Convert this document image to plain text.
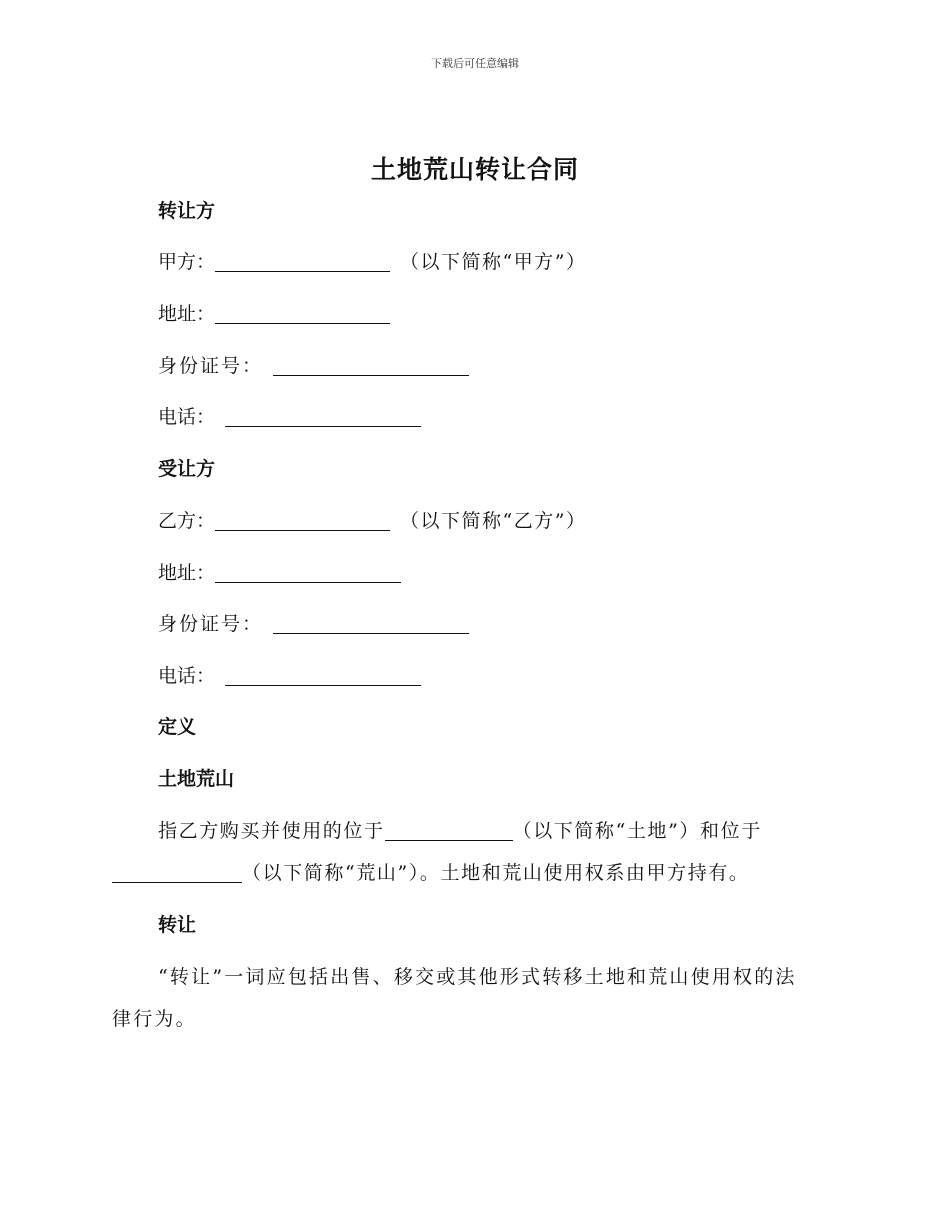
下载后可任意编辑
土地荒山转让合同
转让方
甲方：	（以下简称“甲方”）
地址：
身份证号：
电话：
受让方
乙方：	（以下简称“乙方”）
地址：
身份证号：
电话：
定义
土地荒山
指乙方购买并使用的位于	（以下简称“土地”）和位于
（以下简称“荒山”）。土地和荒山使用权系由甲方持有。
转让
“转让”一词应包括出售、移交或其他形式转移土地和荒山使用权的法
律行为。
